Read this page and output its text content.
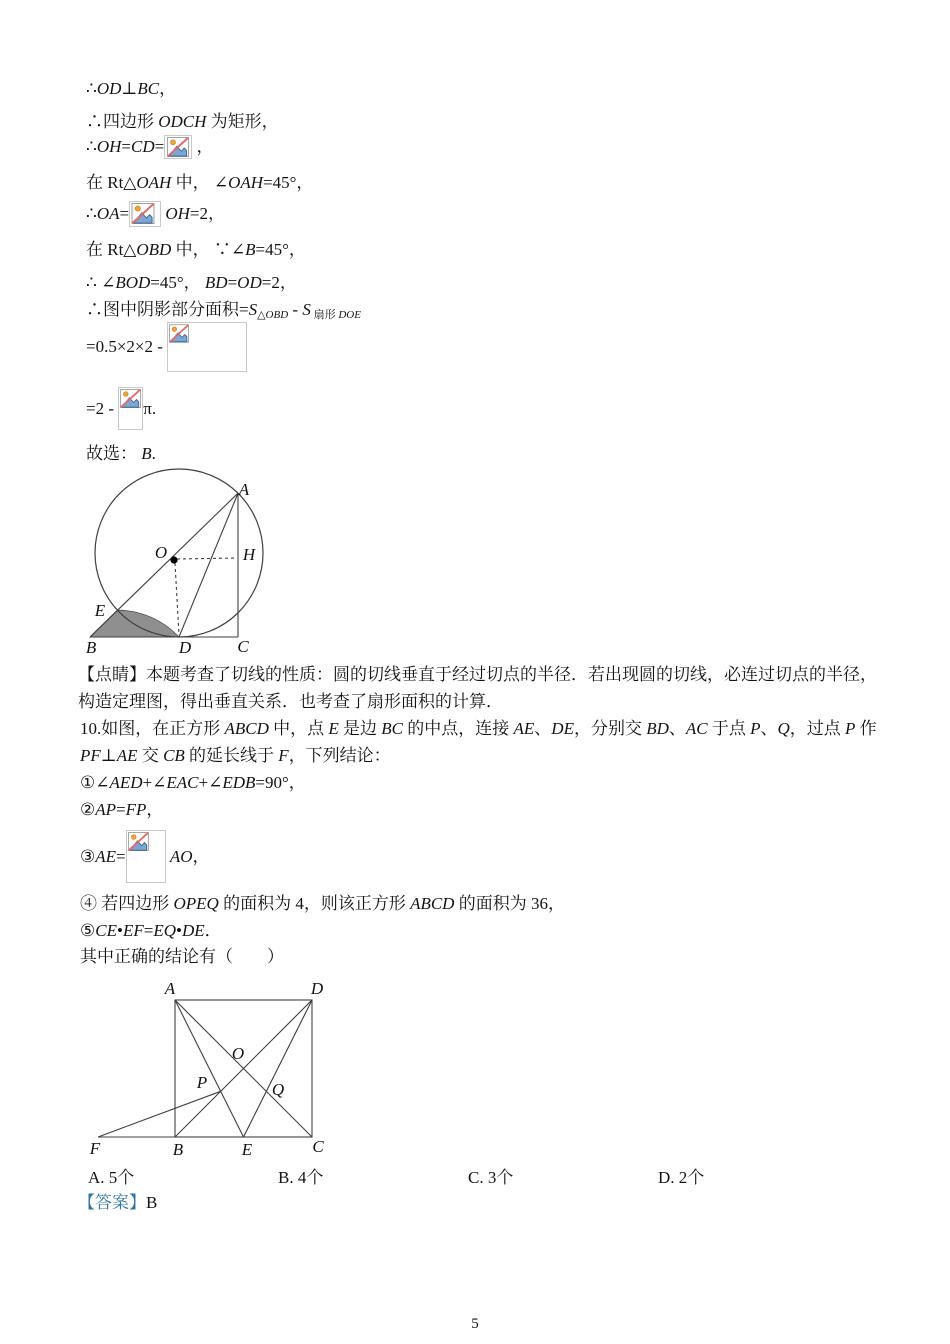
∴ OD ⊥ BC ，
∴四边形 ODCH 为矩形，
∴ OH = CD = ，
在 Rt△ OAH 中， ∠ OAH =45°，
∴ OA =
OH =2，
在 Rt△ OBD 中， ∵∠ B =45°，
∴ ∠ BOD =45°， BD = OD =2，
∴图中阴影部分面积= S △OBD - S 扇形 DOE
=0.5×2×2 -
=2 - π.
故选： B .
O
A
H
E
B	D	C
【点睛】本题考查了切线的性质：圆的切线垂直于经过切点的半径．若出现圆的切线，必连过切点的半径，
构造定理图，得出垂直关系．也考查了扇形面积的计算．
10.如图，在正方形 ABCD 中，点 E 是边 BC 的中点，连接 AE 、 DE ，分别交 BD 、 AC 于点 P 、 Q ，过点 P 作
PF ⊥ AE 交 CB 的延长线于 F ，下列结论：
①∠ AED +∠ EAC +∠ EDB =90°，
② AP = FP ，
③ AE =
	AO ，
④ 若四边形 OPEQ 的面积为 4，则该正方形 ABCD 的面积为 36，
⑤ CE • EF = EQ • DE ．
其中正确的结论有（　　）
A	D
O
P	Q
F	B	E	C
A. 5个	B. 4个	C. 3个	D. 2个
【答案】B
5
